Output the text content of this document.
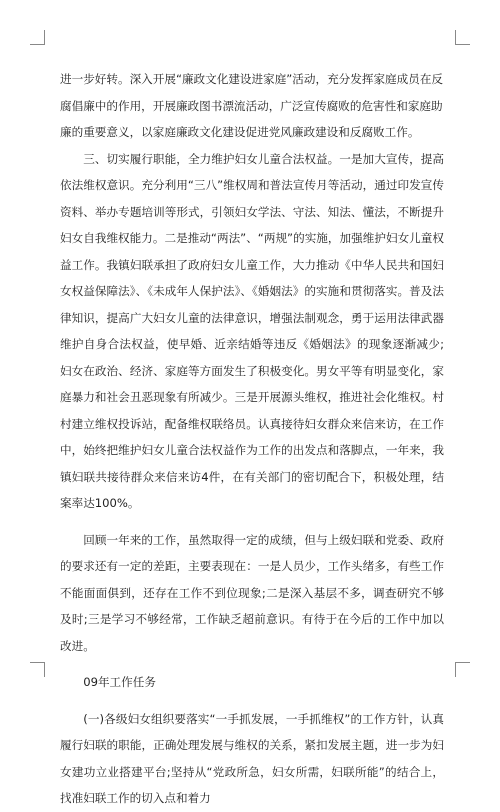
进一步好转。深入开展“廉政文化建设进家庭”活动，充分发挥家庭成员在反腐倡廉中的作用，开展廉政图书漂流活动，广泛宣传腐败的危害性和家庭助廉的重要意义，以家庭廉政文化建设促进党风廉政建设和反腐败工作。

三、切实履行职能，全力维护妇女儿童合法权益。一是加大宣传，提高依法维权意识。充分利用“三八”维权周和普法宣传月等活动，通过印发宣传资料、举办专题培训等形式，引领妇女学法、守法、知法、懂法，不断提升妇女自我维权能力。二是推动“两法”、“两规”的实施，加强维护妇女儿童权益工作。我镇妇联承担了政府妇女儿童工作，大力推动《中华人民共和国妇女权益保障法》、《未成年人保护法》、《婚姻法》的实施和贯彻落实。普及法律知识，提高广大妇女儿童的法律意识，增强法制观念，勇于运用法律武器维护自身合法权益，使早婚、近亲结婚等违反《婚姻法》的现象逐渐减少;妇女在政治、经济、家庭等方面发生了积极变化。男女平等有明显变化，家庭暴力和社会丑恶现象有所减少。三是开展源头维权，推进社会化维权。村村建立维权投诉站，配备维权联络员。认真接待妇女群众来信来访，在工作中，始终把维护妇女儿童合法权益作为工作的出发点和落脚点，一年来，我镇妇联共接待群众来信来访4件，在有关部门的密切配合下，积极处理，结案率达100%。

回顾一年来的工作，虽然取得一定的成绩，但与上级妇联和党委、政府的要求还有一定的差距，主要表现在：一是人员少，工作头绪多，有些工作不能面面俱到，还存在工作不到位现象;二是深入基层不多，调查研究不够及时;三是学习不够经常，工作缺乏超前意识。有待于在今后的工作中加以改进。

09年工作任务

(一)各级妇女组织要落实“一手抓发展，一手抓维权”的工作方针，认真履行妇联的职能，正确处理发展与维权的关系，紧扣发展主题，进一步为妇女建功立业搭建平台;坚持从“党政所急，妇女所需，妇联所能”的结合上，找准妇联工作的切入点和着力
